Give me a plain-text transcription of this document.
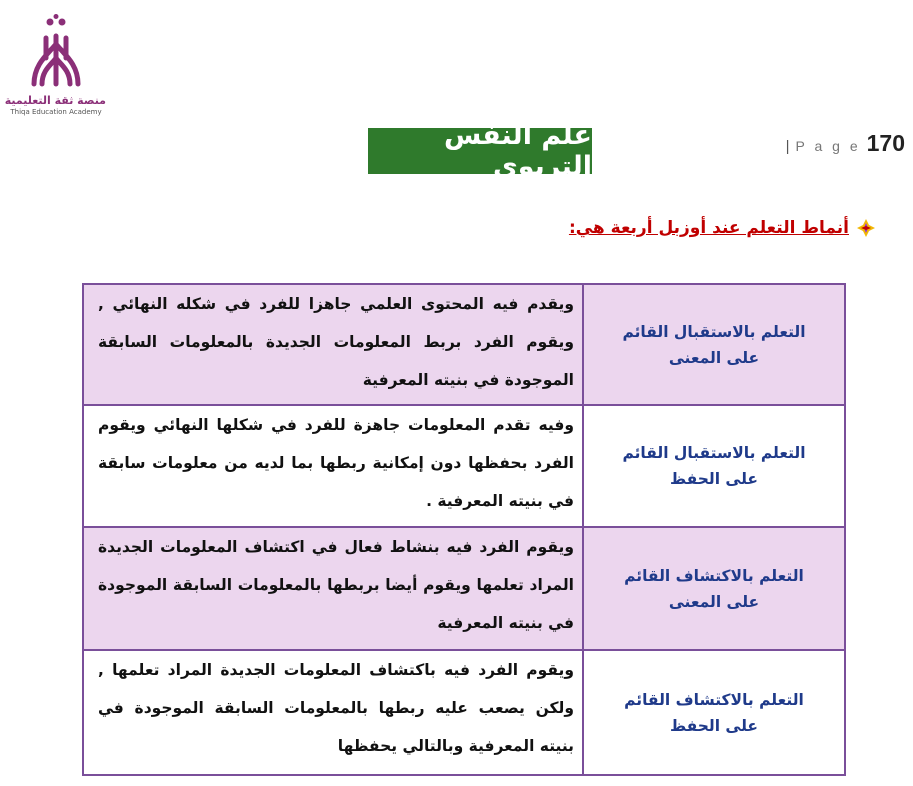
منصة ثقة التعليمية
Thiqa Education Academy
علم النفس التربوي
| P a g e 170
أنماط التعلم عند أوزبل أربعة هي:
التعلم بالاستقبال القائم على المعنى
ويقدم فيه المحتوى العلمي جاهزا للفرد في شكله النهائي , ويقوم الفرد بربط المعلومات الجديدة بالمعلومات السابقة الموجودة في بنيته المعرفية
التعلم بالاستقبال القائم على الحفظ
وفيه تقدم المعلومات جاهزة للفرد في شكلها النهائي ويقوم الفرد بحفظها دون إمكانية ربطها بما لديه من معلومات سابقة في بنيته المعرفية .
التعلم بالاكتشاف القائم على المعنى
ويقوم الفرد فيه بنشاط فعال في اكتشاف المعلومات الجديدة المراد تعلمها ويقوم أيضا بربطها بالمعلومات السابقة الموجودة في بنيته المعرفية
التعلم بالاكتشاف القائم على الحفظ
ويقوم الفرد فيه باكتشاف المعلومات الجديدة المراد تعلمها , ولكن يصعب عليه ربطها بالمعلومات السابقة الموجودة في بنيته المعرفية وبالتالي يحفظها
